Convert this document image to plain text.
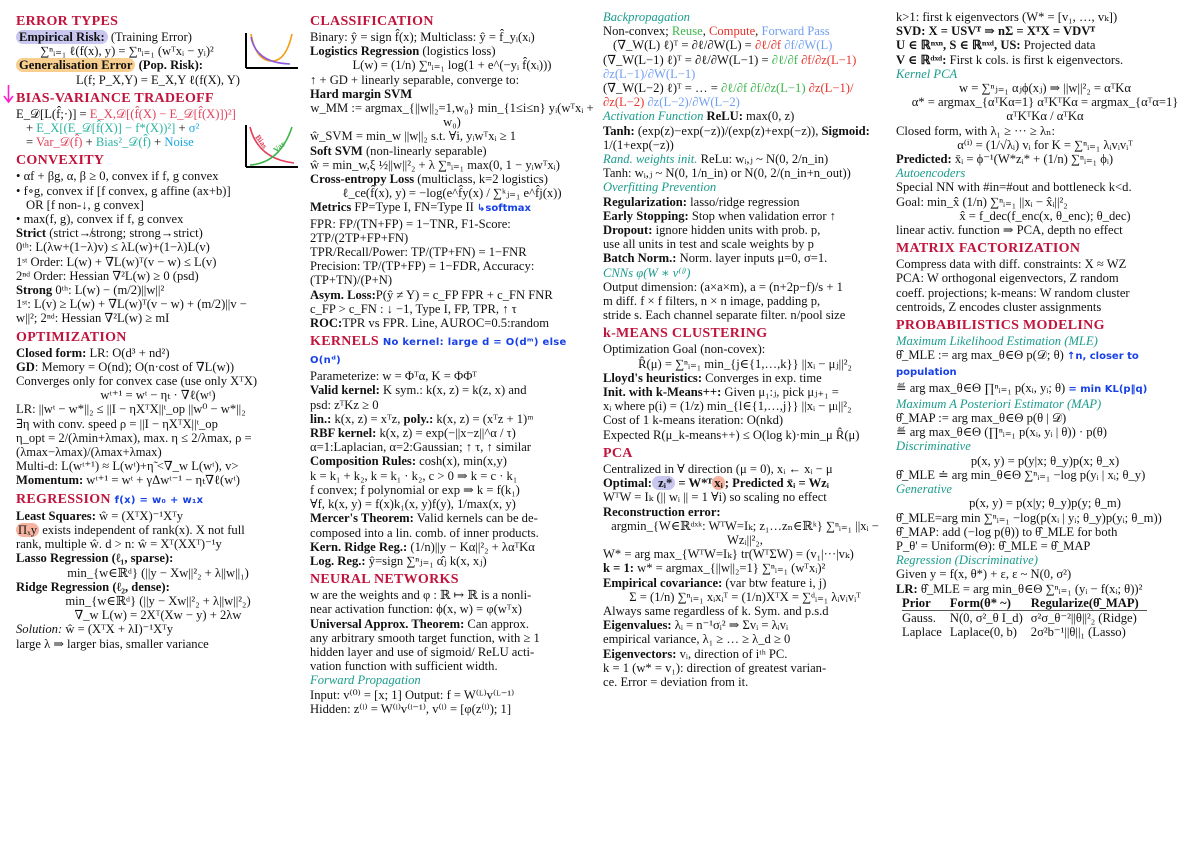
ERROR TYPES
Empirical Risk: (Training Error)
∑ⁿᵢ₌₁ ℓ(f(x), y) = ∑ⁿᵢ₌₁ (wᵀxᵢ − yᵢ)²
Generalisation Error (Pop. Risk):
L(f; P_X,Y) = E_X,Y ℓ(f(X), Y)
BIAS-VARIANCE TRADEOFF
E_𝒟[L(f̂;·)] = E_X,𝒟[(f̂(X) − E_𝒟[f̂(X)])²]
Bias Var
+ E_X[(E_𝒟[f̂(X)] − f*(X))²] + σ²
= Var_𝒟(f̂) + Bias²_𝒟(f̂) + Noise
CONVEXITY
• αf + βg, α, β ≥ 0, convex if f, g convex
• f∘g, convex if [f convex, g affine (ax+b)]
OR [f non-↓, g convex]
• max(f, g), convex if f, g convex
Strict (strict↛strong; strong→strict)
0ᵗʰ: L(λw+(1−λ)v) ≤ λL(w)+(1−λ)L(v)
1ˢᵗ Order: L(w) + ∇L(w)ᵀ(v − w) ≤ L(v)
2ⁿᵈ Order: Hessian ∇²L(w) ≥ 0 (psd)
Strong 0ᵗʰ: L(w) − (m/2)||w||²
1ˢᵗ: L(v) ≥ L(w) + ∇L(w)ᵀ(v − w) + (m/2)||v −
w||²; 2ⁿᵈ: Hessian ∇²L(w) ≥ mI
OPTIMIZATION
Closed form: LR: O(d³ + nd²)
GD: Memory = O(nd); O(n·cost of ∇L(w))
Converges only for convex case (use only XᵀX)
wᵗ⁺¹ = wᵗ − ηₜ · ∇ℓ(wᵗ)
LR: ||wᵗ − w*||₂ ≤ ||I − ηXᵀX||ᵗ_op ||w⁰ − w*||₂
∃η with conv. speed ρ = ||I − ηXᵀX||ᵗ_op
η_opt = 2/(λmin+λmax), max. η ≤ 2/λmax, ρ = (λmax−λmax)/(λmax+λmax)
Multi-d: L(wᵗ⁺¹) ≈ L(wᵗ)+η̃ <∇_w L(wᵗ), v>
Momentum: wᵗ⁺¹ = wᵗ + γΔwᵗ⁻¹ − ηₜ∇ℓ(wᵗ)
REGRESSION f(x) = w₀ + w₁x
Least Squares: ŵ = (XᵀX)⁻¹Xᵀy
Πₓy exists independent of rank(x). X not full
rank, multiple ŵ. d > n: ŵ = Xᵀ(XXᵀ)⁻¹y
Lasso Regression (ℓ₁, sparse):
min_{w∈ℝᵈ} (||y − Xw||²₂ + λ||w||₁)
Ridge Regression (ℓ₂, dense):
min_{w∈ℝᵈ} (||y − Xw||²₂ + λ||w||²₂)
∇_w L(w) = 2Xᵀ(Xw − y) + 2λw
Solution: ŵ = (XᵀX + λI)⁻¹Xᵀy
large λ ⇒ larger bias, smaller variance
CLASSIFICATION
Binary: ŷ = sign f̂(x); Multiclass: ŷ = f̂_yᵢ(xᵢ)
Logistics Regression (logistics loss)
L(w) = (1/n) ∑ⁿᵢ₌₁ log(1 + e^(−yᵢ f̂(xᵢ)))
↑ + GD + linearly separable, converge to:
Hard margin SVM
w_MM := argmax_{||w||₂=1,w₀} min_{1≤i≤n} yᵢ(wᵀxᵢ + w₀)
ŵ_SVM = min_w ||w||₂ s.t. ∀i, yᵢwᵀxᵢ ≥ 1
Soft SVM (non-linearly separable)
ŵ = min_w,ξ ½||w||²₂ + λ ∑ⁿᵢ₌₁ max(0, 1 − yᵢwᵀxᵢ)
Cross-entropy Loss (multiclass, k=2 logistics)
ℓ_ce(f̂(x), y) = −log(e^f̂y(x) / ∑ᵏⱼ₌₁ e^f̂j(x))
Metrics FP=Type I, FN=Type II ↳softmax
FPR: FP/(TN+FP) = 1−TNR, F1-Score: 2TP/(2TP+FP+FN)
TPR/Recall/Power: TP/(TP+FN) = 1−FNR
Precision: TP/(TP+FP) = 1−FDR, Accuracy: (TP+TN)/(P+N)
Asym. Loss:P(ŷ ≠ Y) = c_FP FPR + c_FN FNR
c_FP > c_FN : ↓ −1, Type I, FP, TPR, ↑ τ
ROC:TPR vs FPR. Line, AUROC=0.5:random
KERNELS No kernel: large d = O(dᵐ) else O(nᵈ)
Parameterize: w = Φᵀα, K = ΦΦᵀ
Valid kernel: K sym.: k(x, z) = k(z, x) and
psd: zᵀKz ≥ 0
lin.: k(x, z) = xᵀz, poly.: k(x, z) = (xᵀz + 1)ᵐ
RBF kernel: k(x, z) = exp(−||x−z||^α / τ)
α=1:Laplacian, α=2:Gaussian; ↑ τ, ↑ similar
Composition Rules: cosh(x), min(x,y)
k = k₁ + k₂, k = k₁ · k₂, c > 0 ⇒ k = c · k₁
f convex; f polynomial or exp ⇒ k = f(k₁)
∀f, k(x, y) = f(x)k₁(x, y)f(y), 1/max(x, y)
Mercer's Theorem: Valid kernels can be de-
composed into a lin. comb. of inner products.
Kern. Ridge Reg.: (1/n)||y − Kα||²₂ + λαᵀKα
Log. Reg.: ŷ=sign ∑ⁿⱼ₌₁ α̂ⱼ k(x, xⱼ)
NEURAL NETWORKS
w are the weights and φ : ℝ ↦ ℝ is a nonli-
near activation function: ϕ(x, w) = φ(wᵀx)
Universal Approx. Theorem: Can approx.
any arbitrary smooth target function, with ≥ 1
hidden layer and use of sigmoid/ ReLU acti-
vation function with sufficient width.
Forward Propagation
Input: v⁽⁰⁾ = [x; 1] Output: f = W⁽ᴸ⁾v⁽ᴸ⁻¹⁾
Hidden: z⁽ˡ⁾ = W⁽ˡ⁾v⁽ˡ⁻¹⁾, v⁽ˡ⁾ = [φ(z⁽ˡ⁾); 1]
Backpropagation
Non-convex; Reuse, Compute, Forward Pass
(∇_W(L) ℓ)ᵀ = ∂ℓ/∂W(L) = ∂ℓ/∂f ∂f/∂W(L)
(∇_W(L−1) ℓ)ᵀ = ∂ℓ/∂W(L−1) = ∂ℓ/∂f ∂f/∂z(L−1) ∂z(L−1)/∂W(L−1)
(∇_W(L−2) ℓ)ᵀ = … = ∂ℓ/∂f ∂f/∂z(L−1) ∂z(L−1)/∂z(L−2) ∂z(L−2)/∂W(L−2)
Activation Function ReLU: max(0, z)
Tanh: (exp(z)−exp(−z))/(exp(z)+exp(−z)), Sigmoid: 1/(1+exp(−z))
Rand. weights init. ReLu: wᵢ,ⱼ ~ N(0, 2/n_in)
Tanh: wᵢ,ⱼ ~ N(0, 1/n_in) or N(0, 2/(n_in+n_out))
Overfitting Prevention
Regularization: lasso/ridge regression
Early Stopping: Stop when validation error ↑
Dropout: ignore hidden units with prob. p,
use all units in test and scale weights by p
Batch Norm.: Norm. layer inputs μ=0, σ=1.
CNNs φ(W ∗ v⁽ˡ⁾)
Output dimension: (a×a×m), a = (n+2p−f)/s + 1
m diff. f × f filters, n × n image, padding p,
stride s. Each channel separate filter. n/pool size
k-MEANS CLUSTERING
Optimization Goal (non-covex):
R̂(μ) = ∑ⁿᵢ₌₁ min_{j∈{1,…,k}} ||xᵢ − μⱼ||²₂
Lloyd's heuristics: Converges in exp. time
Init. with k-Means++: Given μ₁:ⱼ, pick μⱼ₊₁ =
xᵢ where p(i) = (1/z) min_{l∈{1,…,j}} ||xᵢ − μₗ||²₂
Cost of 1 k-means iteration: O(nkd)
Expected R(μ_k-means++) ≤ O(log k)·min_μ R̂(μ)
PCA
Centralized in ∀ direction (μ = 0), xᵢ ← xᵢ − μ
Optimal: zᵢ* = W*ᵀ xᵢ ; Predicted x̄ᵢ = Wzᵢ
WᵀW = Iₖ (|| wᵢ || = 1 ∀i) so scaling no effect
Reconstruction error:
argmin_{W∈ℝᵈˣᵏ: WᵀW=Iₖ; z₁…zₙ∈ℝᵏ} ∑ⁿᵢ₌₁ ||xᵢ − Wzᵢ||²₂,
W* = arg max_{WᵀW=Iₖ} tr(WᵀΣW) = (v₁|···|vₖ)
k = 1: w* = argmax_{||w||₂=1} ∑ⁿᵢ₌₁ (wᵀxᵢ)²
Empirical covariance: (var btw feature i, j)
Σ = (1/n) ∑ⁿᵢ₌₁ xᵢxᵢᵀ = (1/n)XᵀX = ∑ᵈᵢ₌₁ λᵢvᵢvᵢᵀ
Always same regardless of k. Sym. and p.s.d
Eigenvalues: λᵢ = n⁻¹σᵢ² ⇒ Σvᵢ = λᵢvᵢ
empirical variance, λ₁ ≥ … ≥ λ_d ≥ 0
Eigenvectors: vᵢ, direction of iᵗʰ PC.
k = 1 (w* = v₁): direction of greatest varian-
ce. Error = deviation from it.
k>1: first k eigenvectors (W* = [v₁, …, vₖ])
SVD: X = USVᵀ ⇒ nΣ = XᵀX = VDVᵀ
U ∈ ℝⁿˣⁿ, S ∈ ℝⁿˣᵈ, US: Projected data
V ∈ ℝᵈˣᵈ: First k cols. is first k eigenvectors.
Kernel PCA
w = ∑ⁿⱼ₌₁ αⱼϕ(xⱼ) ⇒ ||w||²₂ = αᵀKα
α* = argmax_{αᵀKα=1} αᵀKᵀKα = argmax_{αᵀα=1} αᵀKᵀKα / αᵀKα
Closed form, with λ₁ ≥ ··· ≥ λₙ:
α⁽ⁱ⁾ = (1/√λᵢ) vᵢ for K = ∑ⁿᵢ₌₁ λᵢvᵢvᵢᵀ
Predicted: x̄ᵢ = ϕ⁻¹(W*zᵢ* + (1/n) ∑ⁿᵢ₌₁ ϕᵢ)
Autoencoders
Special NN with #in=#out and bottleneck k<d.
Goal: min_x̂ (1/n) ∑ⁿᵢ₌₁ ||xᵢ − x̂ᵢ||²₂
x̂ = f_dec(f_enc(x, θ_enc); θ_dec)
linear activ. function ⇒ PCA, depth no effect
MATRIX FACTORIZATION
Compress data with diff. constraints: X ≈ WZ
PCA: W orthogonal eigenvectors, Z random
coeff. projections; k-means: W random cluster
centroids, Z encodes cluster assignments
PROBABILISTICS MODELING
Maximum Likelihood Estimation (MLE)
θ̂_MLE := arg max_θ∈Θ p(𝒟; θ) ↑n, closer to population
≝ arg max_θ∈Θ ∏ⁿᵢ₌₁ p(xᵢ, yᵢ; θ) = min KL(p‖q)
Maximum A Posteriori Estimator (MAP)
θ̂_MAP := arg max_θ∈Θ p(θ | 𝒟)
≝ arg max_θ∈Θ (∏ⁿᵢ₌₁ p(xᵢ, yᵢ | θ)) · p(θ)
Discriminative
p(x, y) = p(y|x; θ_y)p(x; θ_x)
θ̂_MLE ≐ arg min_θ∈Θ ∑ⁿᵢ₌₁ −log p(yᵢ | xᵢ; θ_y)
Generative
p(x, y) = p(x|y; θ_y)p(y; θ_m)
θ̂_MLE=arg min ∑ⁿᵢ₌₁ −log(p(xᵢ | yᵢ; θ_y)p(yᵢ; θ_m))
θ̂_MAP: add (−log p(θ)) to θ̂_MLE for both
P_θ' = Uniform(Θ): θ̂_MLE = θ̂_MAP
Regression (Discriminative)
Given y = f(x, θ*) + ε, ε ~ N(0, σ²)
LR: θ̂_MLE = arg min_θ∈Θ ∑ⁿᵢ₌₁ (yᵢ − f(xᵢ; θ))²
Prior	Form(θ* ~)	Regularize(θ̂_MAP)
Gauss.	N(0, σ²_θ I_d)	σ²σ_θ⁻²||θ||²₂ (Ridge)
Laplace	Laplace(0, b)	2σ²b⁻¹||θ||₁ (Lasso)
